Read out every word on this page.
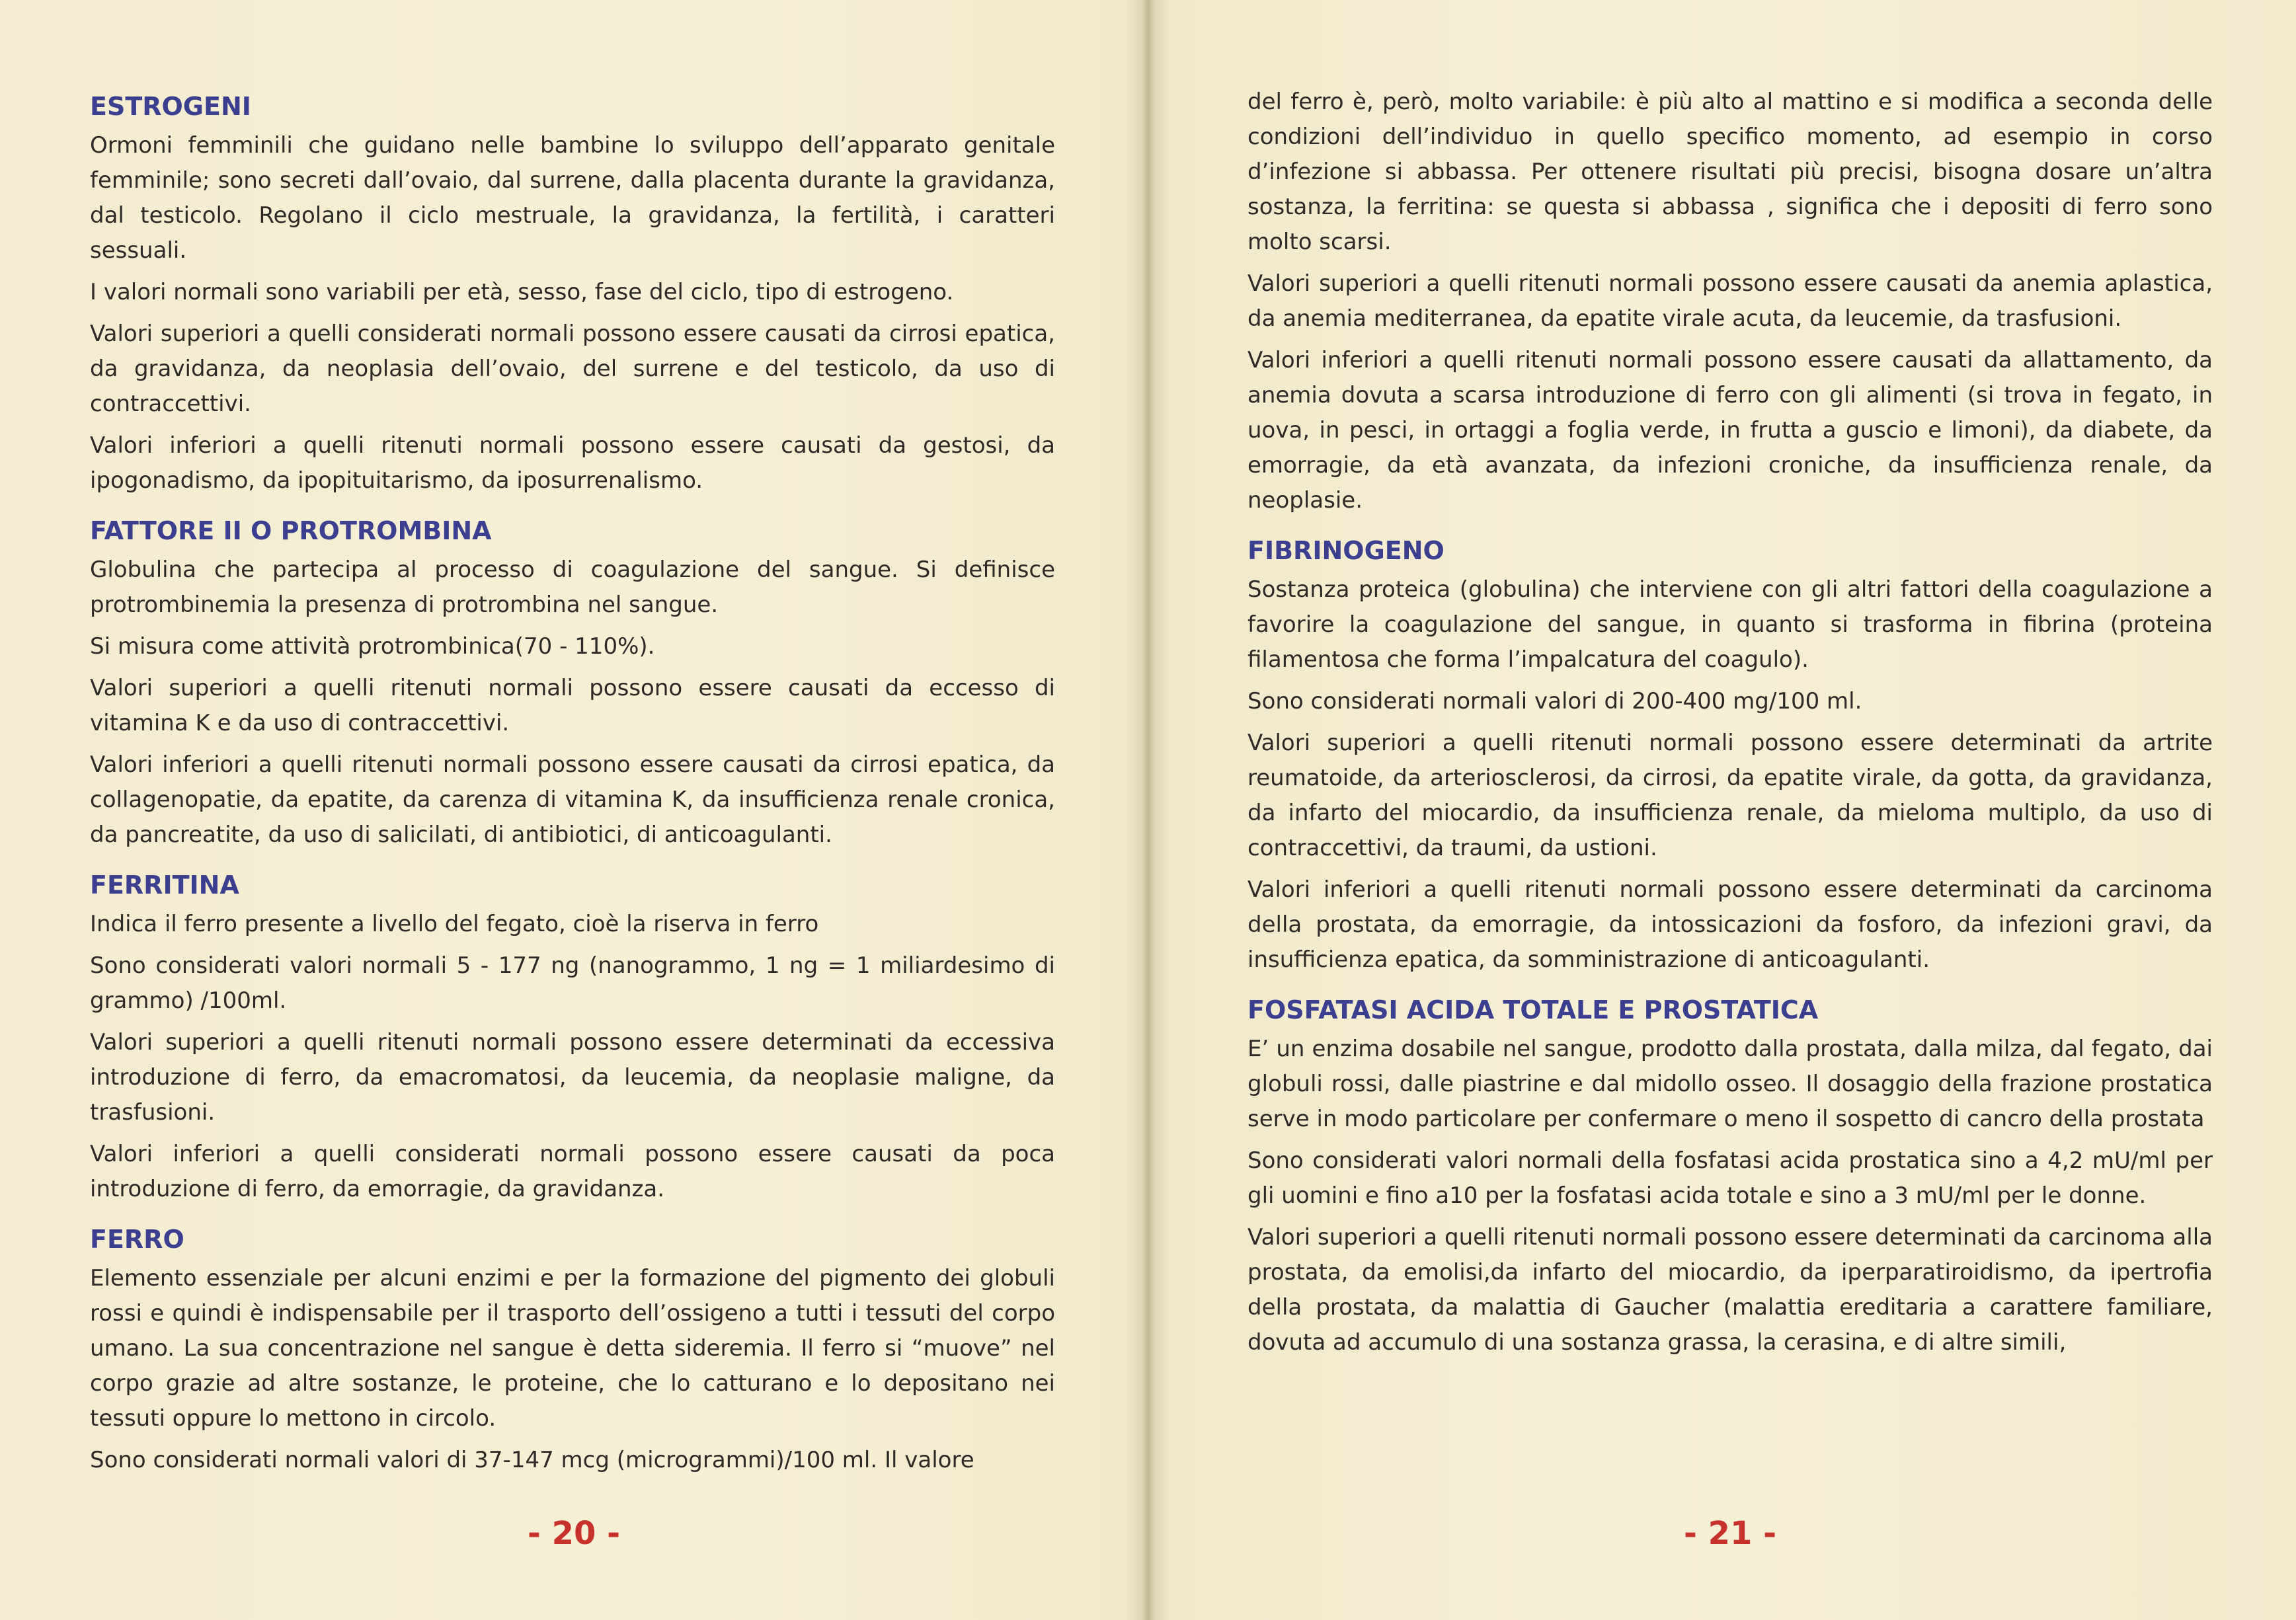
ESTROGENI

Ormoni femminili che guidano nelle bambine lo sviluppo dell’apparato genitale femminile; sono secreti dall’ovaio, dal surrene, dalla placenta durante la gravidanza, dal testicolo. Regolano il ciclo mestruale, la gravidanza, la fertilità, i caratteri sessuali.

I valori normali sono variabili per età, sesso, fase del ciclo, tipo di estrogeno.

Valori superiori a quelli considerati normali possono essere causati da cirrosi epatica, da gravidanza, da neoplasia dell’ovaio, del surrene e del testicolo, da uso di contraccettivi.

Valori inferiori a quelli ritenuti normali possono essere causati da gestosi, da ipogonadismo, da ipopituitarismo, da iposurrenalismo.

FATTORE II O PROTROMBINA

Globulina che partecipa al processo di coagulazione del sangue. Si definisce protrombinemia la presenza di protrombina nel sangue.

Si misura come attività protrombinica(70 - 110%).

Valori superiori a quelli ritenuti normali possono essere causati da eccesso di vitamina K e da uso di contraccettivi.

Valori inferiori a quelli ritenuti normali possono essere causati da cirrosi epatica, da collagenopatie, da epatite, da carenza di vitamina K, da insufficienza renale cronica, da pancreatite, da uso di salicilati, di antibiotici, di anticoagulanti.

FERRITINA

Indica il ferro presente a livello del fegato, cioè la riserva in ferro

Sono considerati valori normali 5 - 177 ng (nanogrammo, 1 ng = 1 miliardesimo di grammo) /100ml.

Valori superiori a quelli ritenuti normali possono essere determinati da eccessiva introduzione di ferro, da emacromatosi, da leucemia, da neoplasie maligne, da trasfusioni.

Valori inferiori a quelli considerati normali possono essere causati da poca introduzione di ferro, da emorragie, da gravidanza.

FERRO

Elemento essenziale per alcuni enzimi e per la formazione del pigmento dei globuli rossi e quindi è indispensabile per il trasporto dell’ossigeno a tutti i tessuti del corpo umano. La sua concentrazione nel sangue è detta sideremia. Il ferro si “muove” nel corpo grazie ad altre sostanze, le proteine, che lo catturano e lo depositano nei tessuti oppure lo mettono in circolo.

Sono considerati normali valori di 37-147 mcg (microgrammi)/100 ml. Il valore

- 20 -

del ferro è, però, molto variabile: è più alto al mattino e si modifica a seconda delle condizioni dell’individuo in quello specifico momento, ad esempio in corso d’infezione si abbassa. Per ottenere risultati più precisi, bisogna dosare un’altra sostanza, la ferritina: se questa si abbassa , significa che i depositi di ferro sono molto scarsi.

Valori superiori a quelli ritenuti normali possono essere causati da anemia aplastica, da anemia mediterranea, da epatite virale acuta, da leucemie, da trasfusioni.

Valori inferiori a quelli ritenuti normali possono essere causati da allattamento, da anemia dovuta a scarsa introduzione di ferro con gli alimenti (si trova in fegato, in uova, in pesci, in ortaggi a foglia verde, in frutta a guscio e limoni), da diabete, da emorragie, da età avanzata, da infezioni croniche, da insufficienza renale, da neoplasie.

FIBRINOGENO

Sostanza proteica (globulina) che interviene con gli altri fattori della coagulazione a favorire la coagulazione del sangue, in quanto si trasforma in fibrina (proteina filamentosa che forma l’impalcatura del coagulo).

Sono considerati normali valori di 200-400 mg/100 ml.

Valori superiori a quelli ritenuti normali possono essere determinati da artrite reumatoide, da arteriosclerosi, da cirrosi, da epatite virale, da gotta, da gravidanza, da infarto del miocardio, da insufficienza renale, da mieloma multiplo, da uso di contraccettivi, da traumi, da ustioni.

Valori inferiori a quelli ritenuti normali possono essere determinati da carcinoma della prostata, da emorragie, da intossicazioni da fosforo, da infezioni gravi, da insufficienza epatica, da somministrazione di anticoagulanti.

FOSFATASI ACIDA TOTALE E PROSTATICA

E’ un enzima dosabile nel sangue, prodotto dalla prostata, dalla milza, dal fegato, dai globuli rossi, dalle piastrine e dal midollo osseo. Il dosaggio della frazione prostatica serve in modo particolare per confermare o meno il sospetto di cancro della prostata

Sono considerati valori normali della fosfatasi acida prostatica sino a 4,2 mU/ml per gli uomini e fino a10 per la fosfatasi acida totale e sino a 3 mU/ml per le donne.

Valori superiori a quelli ritenuti normali possono essere determinati da carcinoma alla prostata, da emolisi,da infarto del miocardio, da iperparatiroidismo, da ipertrofia della prostata, da malattia di Gaucher (malattia ereditaria a carattere familiare, dovuta ad accumulo di una sostanza grassa, la cerasina, e di altre simili,

- 21 -
